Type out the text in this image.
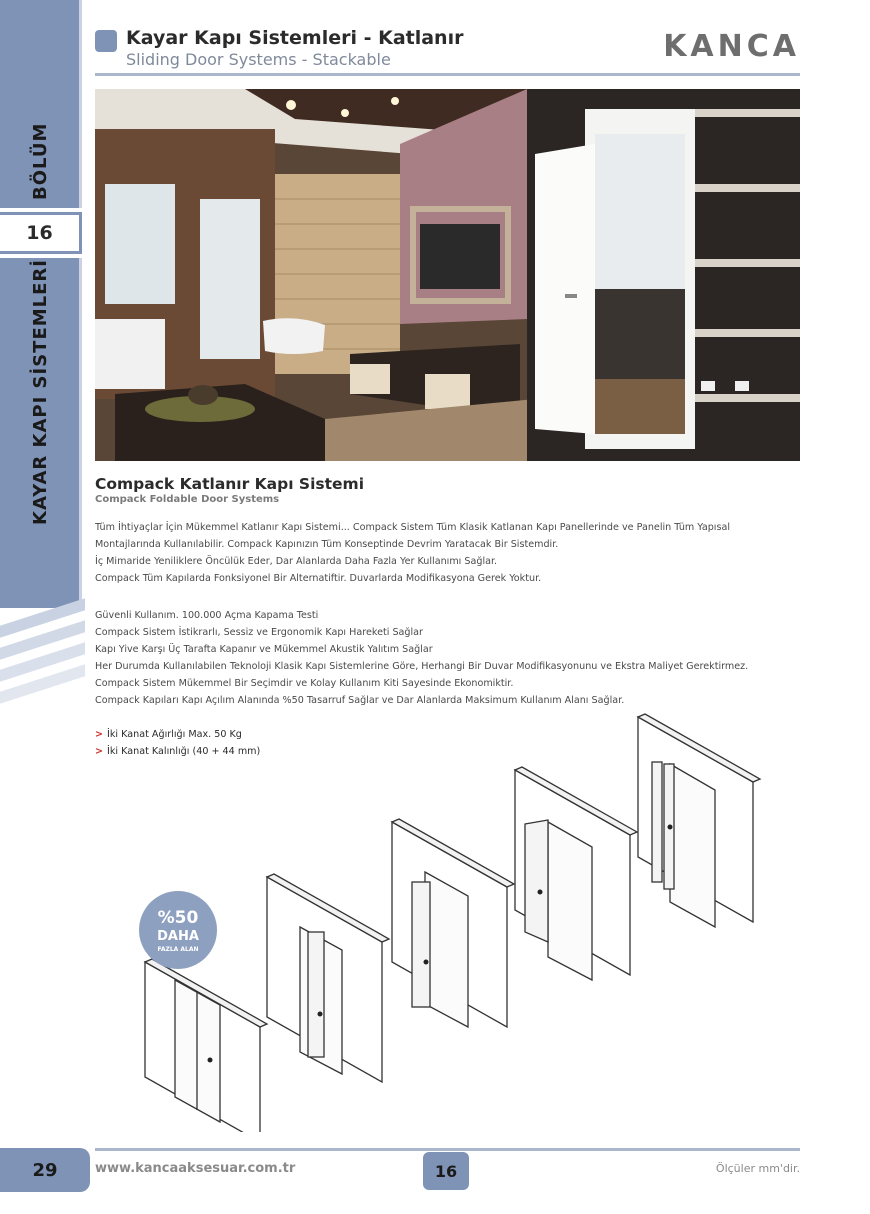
BÖLÜM
16
KAYAR KAPI SİSTEMLERİ
Kayar Kapı Sistemleri - Katlanır
Sliding Door Systems - Stackable	KANCA
Compack Katlanır Kapı Sistemi
Compack Foldable Door Systems
Tüm İhtiyaçlar İçin Mükemmel Katlanır Kapı Sistemi... Compack Sistem Tüm Klasik Katlanan Kapı Panellerinde ve Panelin Tüm Yapısal
Montajlarında Kullanılabilir. Compack Kapınızın Tüm Konseptinde Devrim Yaratacak Bir Sistemdir.
İç Mimaride Yeniliklere Öncülük Eder, Dar Alanlarda Daha Fazla Yer Kullanımı Sağlar.
Compack Tüm Kapılarda Fonksiyonel Bir Alternatiftir. Duvarlarda Modifikasyona Gerek Yoktur.
Güvenli Kullanım. 100.000 Açma Kapama Testi
Compack Sistem İstikrarlı, Sessiz ve Ergonomik Kapı Hareketi Sağlar
Kapı Yive Karşı Üç Tarafta Kapanır ve Mükemmel Akustik Yalıtım Sağlar
Her Durumda Kullanılabilen Teknoloji Klasik Kapı Sistemlerine Göre, Herhangi Bir Duvar Modifikasyonunu ve Ekstra Maliyet Gerektirmez.
Compack Sistem Mükemmel Bir Seçimdir ve Kolay Kullanım Kiti Sayesinde Ekonomiktir.
Compack Kapıları Kapı Açılım Alanında %50 Tasarruf Sağlar ve Dar Alanlarda Maksimum Kullanım Alanı Sağlar.
> İki Kanat Ağırlığı Max. 50 Kg
> İki Kanat Kalınlığı (40 + 44 mm)
%50
DAHA
FAZLA ALAN
29	www.kancaaksesuar.com.tr	16	Ölçüler mm'dir.
